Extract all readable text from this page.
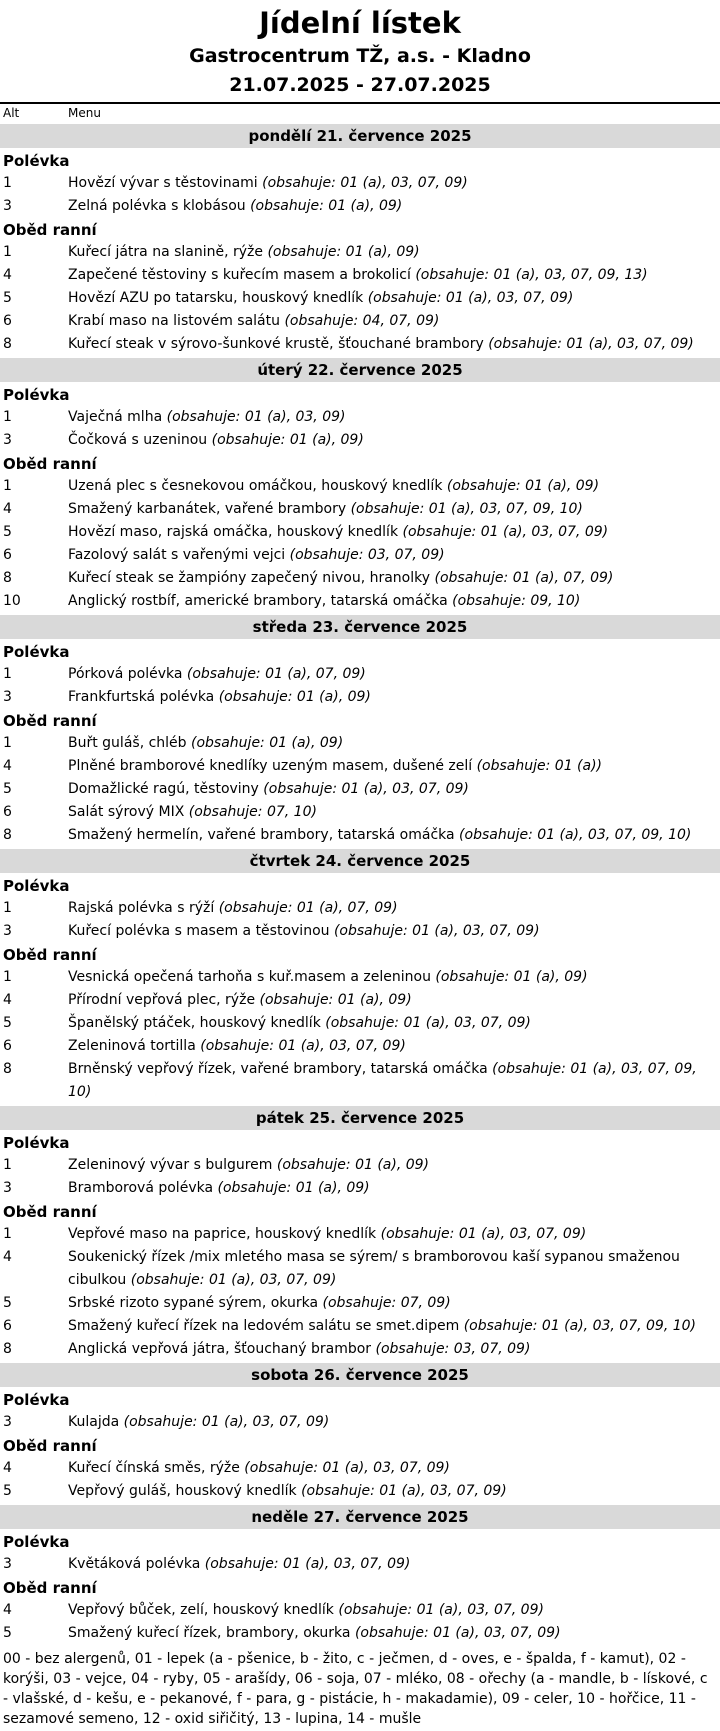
Jídelní lístek
Gastrocentrum TŽ, a.s. - Kladno
21.07.2025 - 27.07.2025
Alt	Menu
pondělí 21. července 2025
Polévka
1	Hovězí vývar s těstovinami (obsahuje: 01 (a), 03, 07, 09)
3	Zelná polévka s klobásou (obsahuje: 01 (a), 09)
Oběd ranní
1	Kuřecí játra na slanině, rýže (obsahuje: 01 (a), 09)
4	Zapečené těstoviny s kuřecím masem a brokolicí (obsahuje: 01 (a), 03, 07, 09, 13)
5	Hovězí AZU po tatarsku, houskový knedlík (obsahuje: 01 (a), 03, 07, 09)
6	Krabí maso na listovém salátu (obsahuje: 04, 07, 09)
8	Kuřecí steak v sýrovo-šunkové krustě, šťouchané brambory (obsahuje: 01 (a), 03, 07, 09)
úterý 22. července 2025
Polévka
1	Vaječná mlha (obsahuje: 01 (a), 03, 09)
3	Čočková s uzeninou (obsahuje: 01 (a), 09)
Oběd ranní
1	Uzená plec s česnekovou omáčkou, houskový knedlík (obsahuje: 01 (a), 09)
4	Smažený karbanátek, vařené brambory (obsahuje: 01 (a), 03, 07, 09, 10)
5	Hovězí maso, rajská omáčka, houskový knedlík (obsahuje: 01 (a), 03, 07, 09)
6	Fazolový salát s vařenými vejci (obsahuje: 03, 07, 09)
8	Kuřecí steak se žampióny zapečený nivou, hranolky (obsahuje: 01 (a), 07, 09)
10	Anglický rostbíf, americké brambory, tatarská omáčka (obsahuje: 09, 10)
středa 23. července 2025
Polévka
1	Pórková polévka (obsahuje: 01 (a), 07, 09)
3	Frankfurtská polévka (obsahuje: 01 (a), 09)
Oběd ranní
1	Buřt guláš, chléb (obsahuje: 01 (a), 09)
4	Plněné bramborové knedlíky uzeným masem, dušené zelí (obsahuje: 01 (a))
5	Domažlické ragú, těstoviny (obsahuje: 01 (a), 03, 07, 09)
6	Salát sýrový MIX (obsahuje: 07, 10)
8	Smažený hermelín, vařené brambory, tatarská omáčka (obsahuje: 01 (a), 03, 07, 09, 10)
čtvrtek 24. července 2025
Polévka
1	Rajská polévka s rýží (obsahuje: 01 (a), 07, 09)
3	Kuřecí polévka s masem a těstovinou (obsahuje: 01 (a), 03, 07, 09)
Oběd ranní
1	Vesnická opečená tarhoňa s kuř.masem a zeleninou (obsahuje: 01 (a), 09)
4	Přírodní vepřová plec, rýže (obsahuje: 01 (a), 09)
5	Španělský ptáček, houskový knedlík (obsahuje: 01 (a), 03, 07, 09)
6	Zeleninová tortilla (obsahuje: 01 (a), 03, 07, 09)
8	Brněnský vepřový řízek, vařené brambory, tatarská omáčka (obsahuje: 01 (a), 03, 07, 09, 10)
pátek 25. července 2025
Polévka
1	Zeleninový vývar s bulgurem (obsahuje: 01 (a), 09)
3	Bramborová polévka (obsahuje: 01 (a), 09)
Oběd ranní
1	Vepřové maso na paprice, houskový knedlík (obsahuje: 01 (a), 03, 07, 09)
4	Soukenický řízek /mix mletého masa se sýrem/ s bramborovou kaší sypanou smaženou cibulkou (obsahuje: 01 (a), 03, 07, 09)
5	Srbské rizoto sypané sýrem, okurka (obsahuje: 07, 09)
6	Smažený kuřecí řízek na ledovém salátu se smet.dipem (obsahuje: 01 (a), 03, 07, 09, 10)
8	Anglická vepřová játra, šťouchaný brambor (obsahuje: 03, 07, 09)
sobota 26. července 2025
Polévka
3	Kulajda (obsahuje: 01 (a), 03, 07, 09)
Oběd ranní
4	Kuřecí čínská směs, rýže (obsahuje: 01 (a), 03, 07, 09)
5	Vepřový guláš, houskový knedlík (obsahuje: 01 (a), 03, 07, 09)
neděle 27. července 2025
Polévka
3	Květáková polévka (obsahuje: 01 (a), 03, 07, 09)
Oběd ranní
4	Vepřový bůček, zelí, houskový knedlík (obsahuje: 01 (a), 03, 07, 09)
5	Smažený kuřecí řízek, brambory, okurka (obsahuje: 01 (a), 03, 07, 09)
00 - bez alergenů, 01 - lepek (a - pšenice, b - žito, c - ječmen, d - oves, e - špalda, f - kamut), 02 - korýši, 03 - vejce, 04 - ryby, 05 - arašídy, 06 - soja, 07 - mléko, 08 - ořechy (a - mandle, b - lískové, c - vlašské, d - kešu, e - pekanové, f - para, g - pistácie, h - makadamie), 09 - celer, 10 - hořčice, 11 - sezamové semeno, 12 - oxid siřičitý, 13 - lupina, 14 - mušle
